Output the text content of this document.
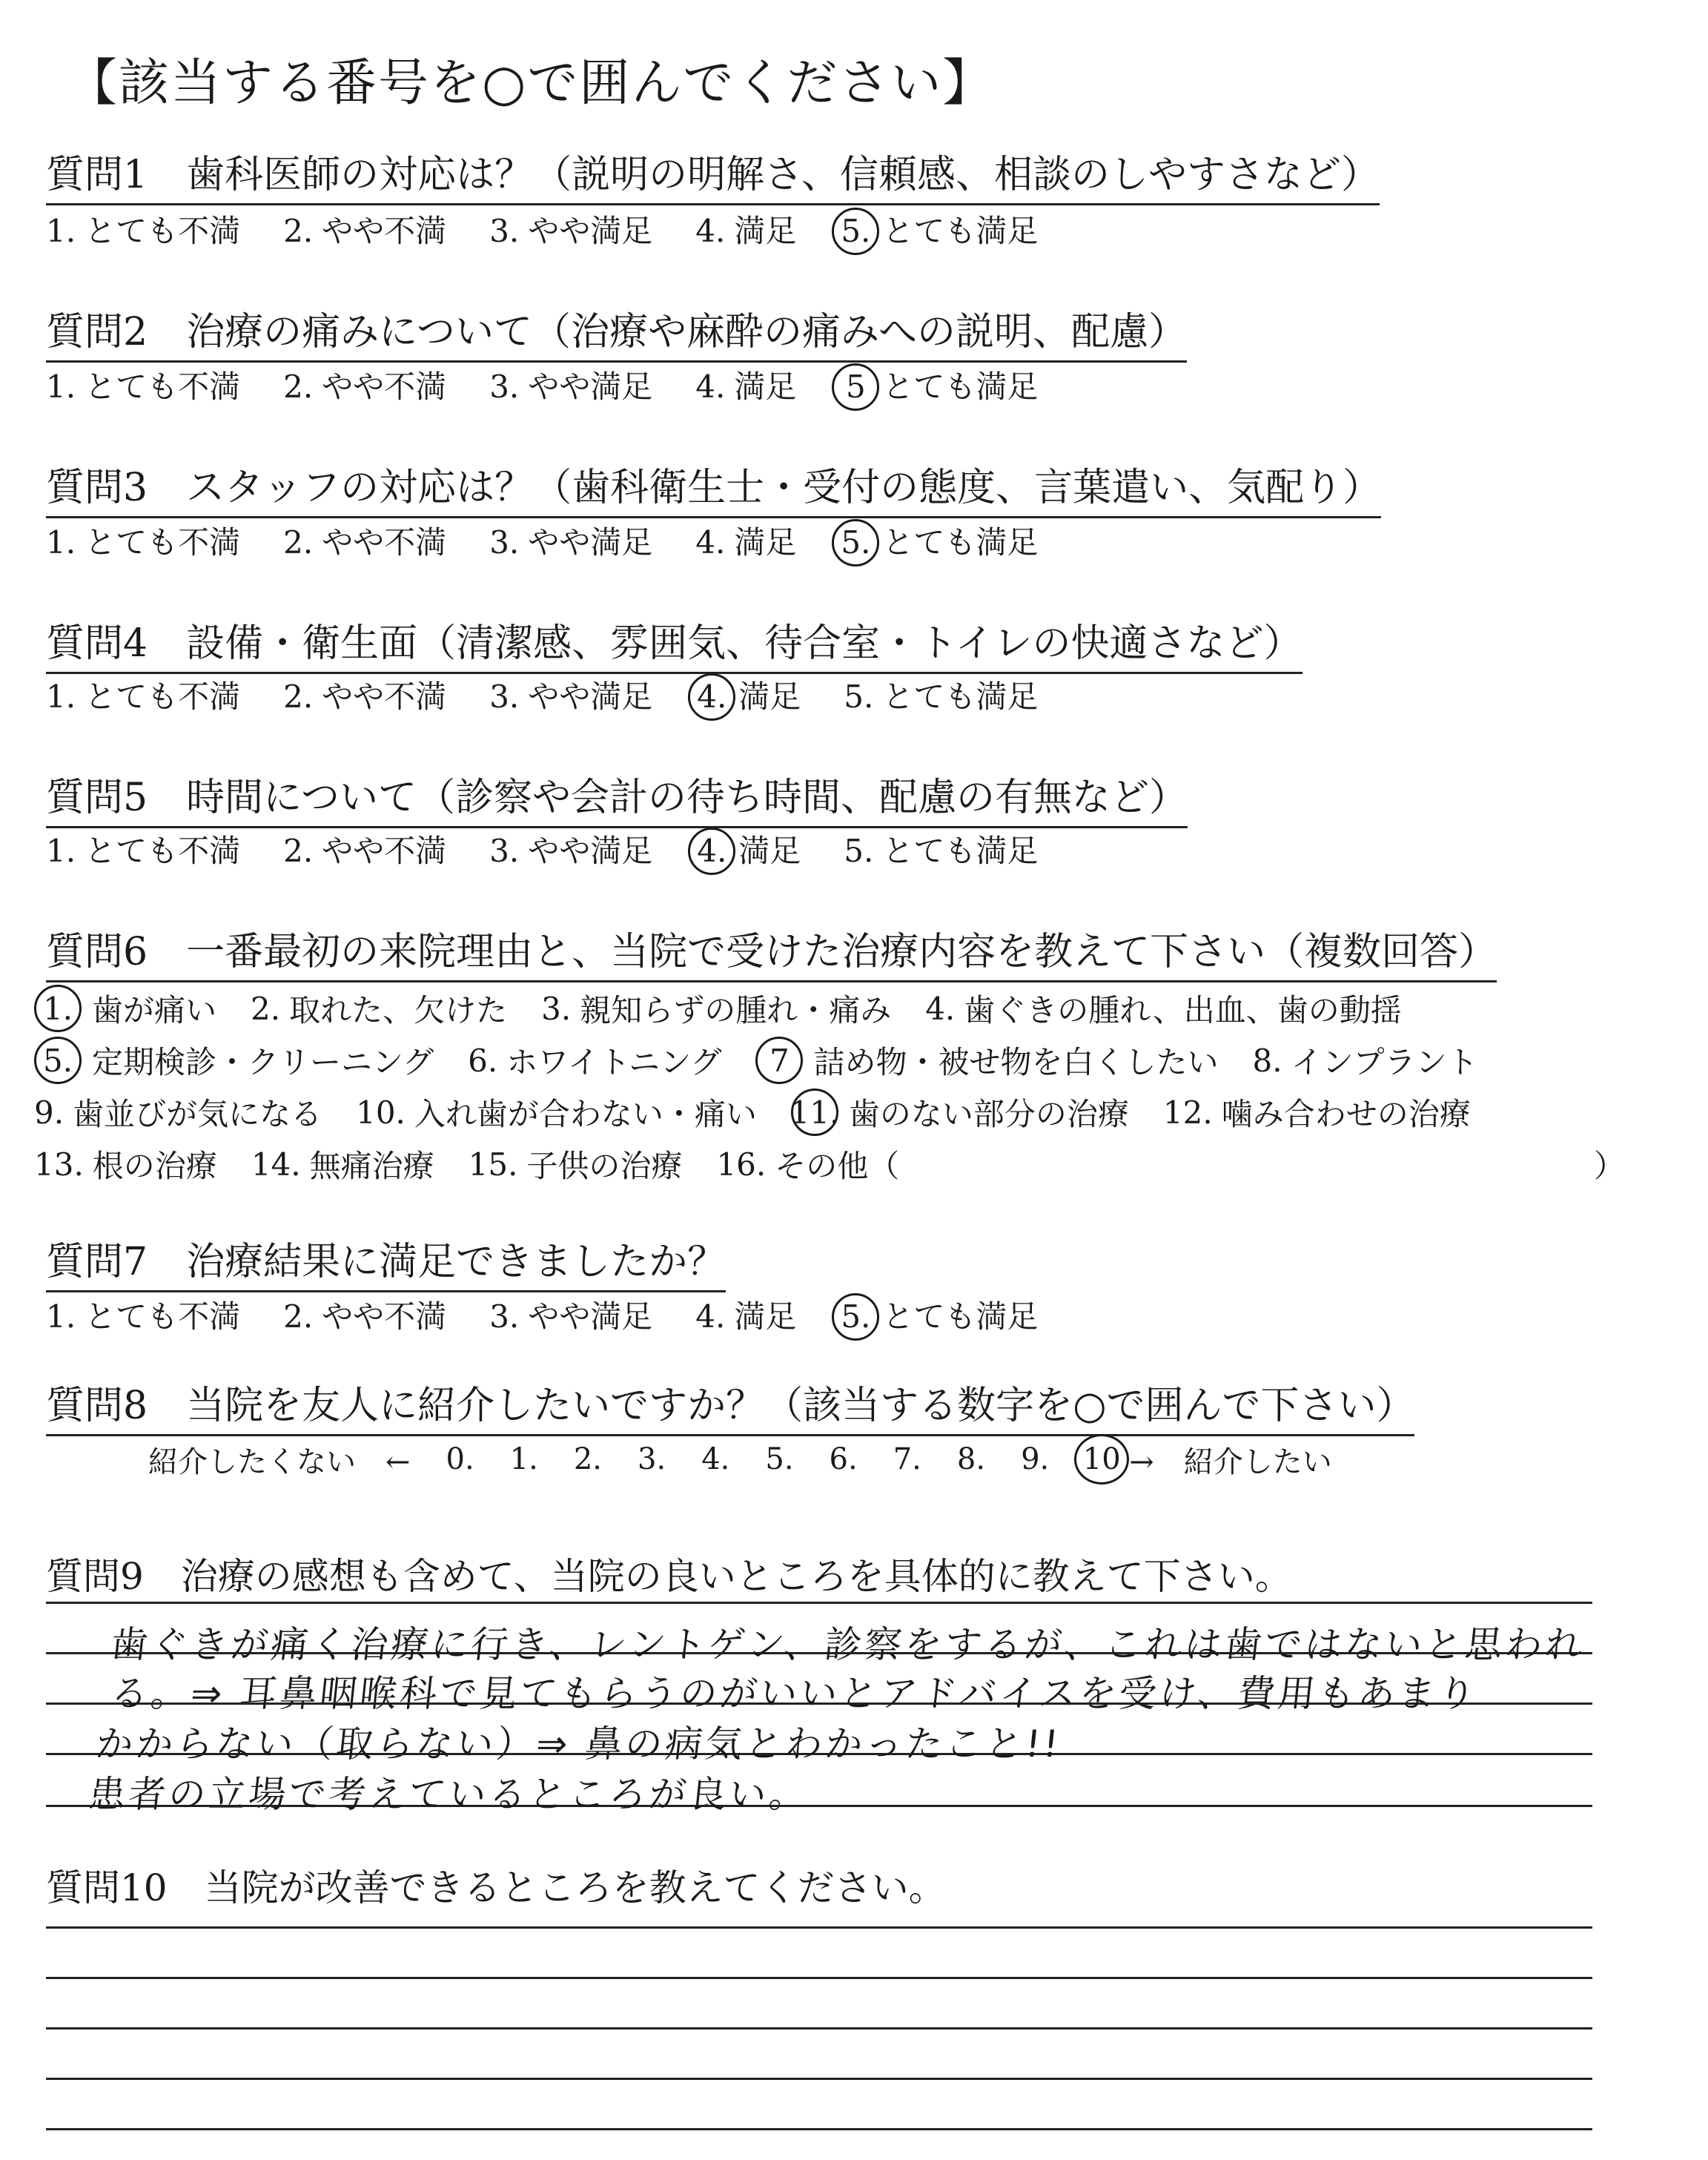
【該当する番号を○で囲んでください】
質問1　歯科医師の対応は？（説明の明解さ、信頼感、相談のしやすさなど）
1. とても不満 2. やや不満 3. やや満足 4. 満足 5. とても満足
質問2　治療の痛みについて（治療や麻酔の痛みへの説明、配慮）
1. とても不満 2. やや不満 3. やや満足 4. 満足	5 とても満足
質問3　スタッフの対応は？（歯科衛生士・受付の態度、言葉遣い、気配り）
1. とても不満 2. やや不満 3. やや満足 4. 満足 5. とても満足
質問4　設備・衛生面（清潔感、雰囲気、待合室・トイレの快適さなど）
1. とても不満 2. やや不満 3. やや満足 4. 満足 5. とても満足
質問5　時間について（診察や会計の待ち時間、配慮の有無など）
1. とても不満 2. やや不満 3. やや満足 4. 満足 5. とても満足
質問6　一番最初の来院理由と、当院で受けた治療内容を教えて下さい（複数回答）
1. 歯が痛い 2. 取れた、欠けた 3. 親知らずの腫れ・痛み 4. 歯ぐきの腫れ、出血、歯の動揺
5. 定期検診・クリーニング 6. ホワイトニング	7 詰め物・被せ物を白くしたい 8. インプラント
9. 歯並びが気になる 10. 入れ歯が合わない・痛い 11. 歯のない部分の治療 12. 噛み合わせの治療
13. 根の治療 14. 無痛治療 15. 子供の治療 16. その他（	）
質問7　治療結果に満足できましたか？
1. とても不満 2. やや不満 3. やや満足 4. 満足 5. とても満足
質問8　当院を友人に紹介したいですか？（該当する数字を○で囲んで下さい）
紹介したくない　← 0. 1. 2. 3. 4. 5. 6. 7. 8. 9. 10 →　紹介したい
質問9　治療の感想も含めて、当院の良いところを具体的に教えて下さい。
歯ぐきが痛く治療に行き、レントゲン、診察をするが、これは歯ではないと思われ
る。⇒ 耳鼻咽喉科で見てもらうのがいいとアドバイスを受け、費用もあまり
かからない（取らない）⇒ 鼻の病気とわかったこと!!
患者の立場で考えているところが良い。
質問10　当院が改善できるところを教えてください。
